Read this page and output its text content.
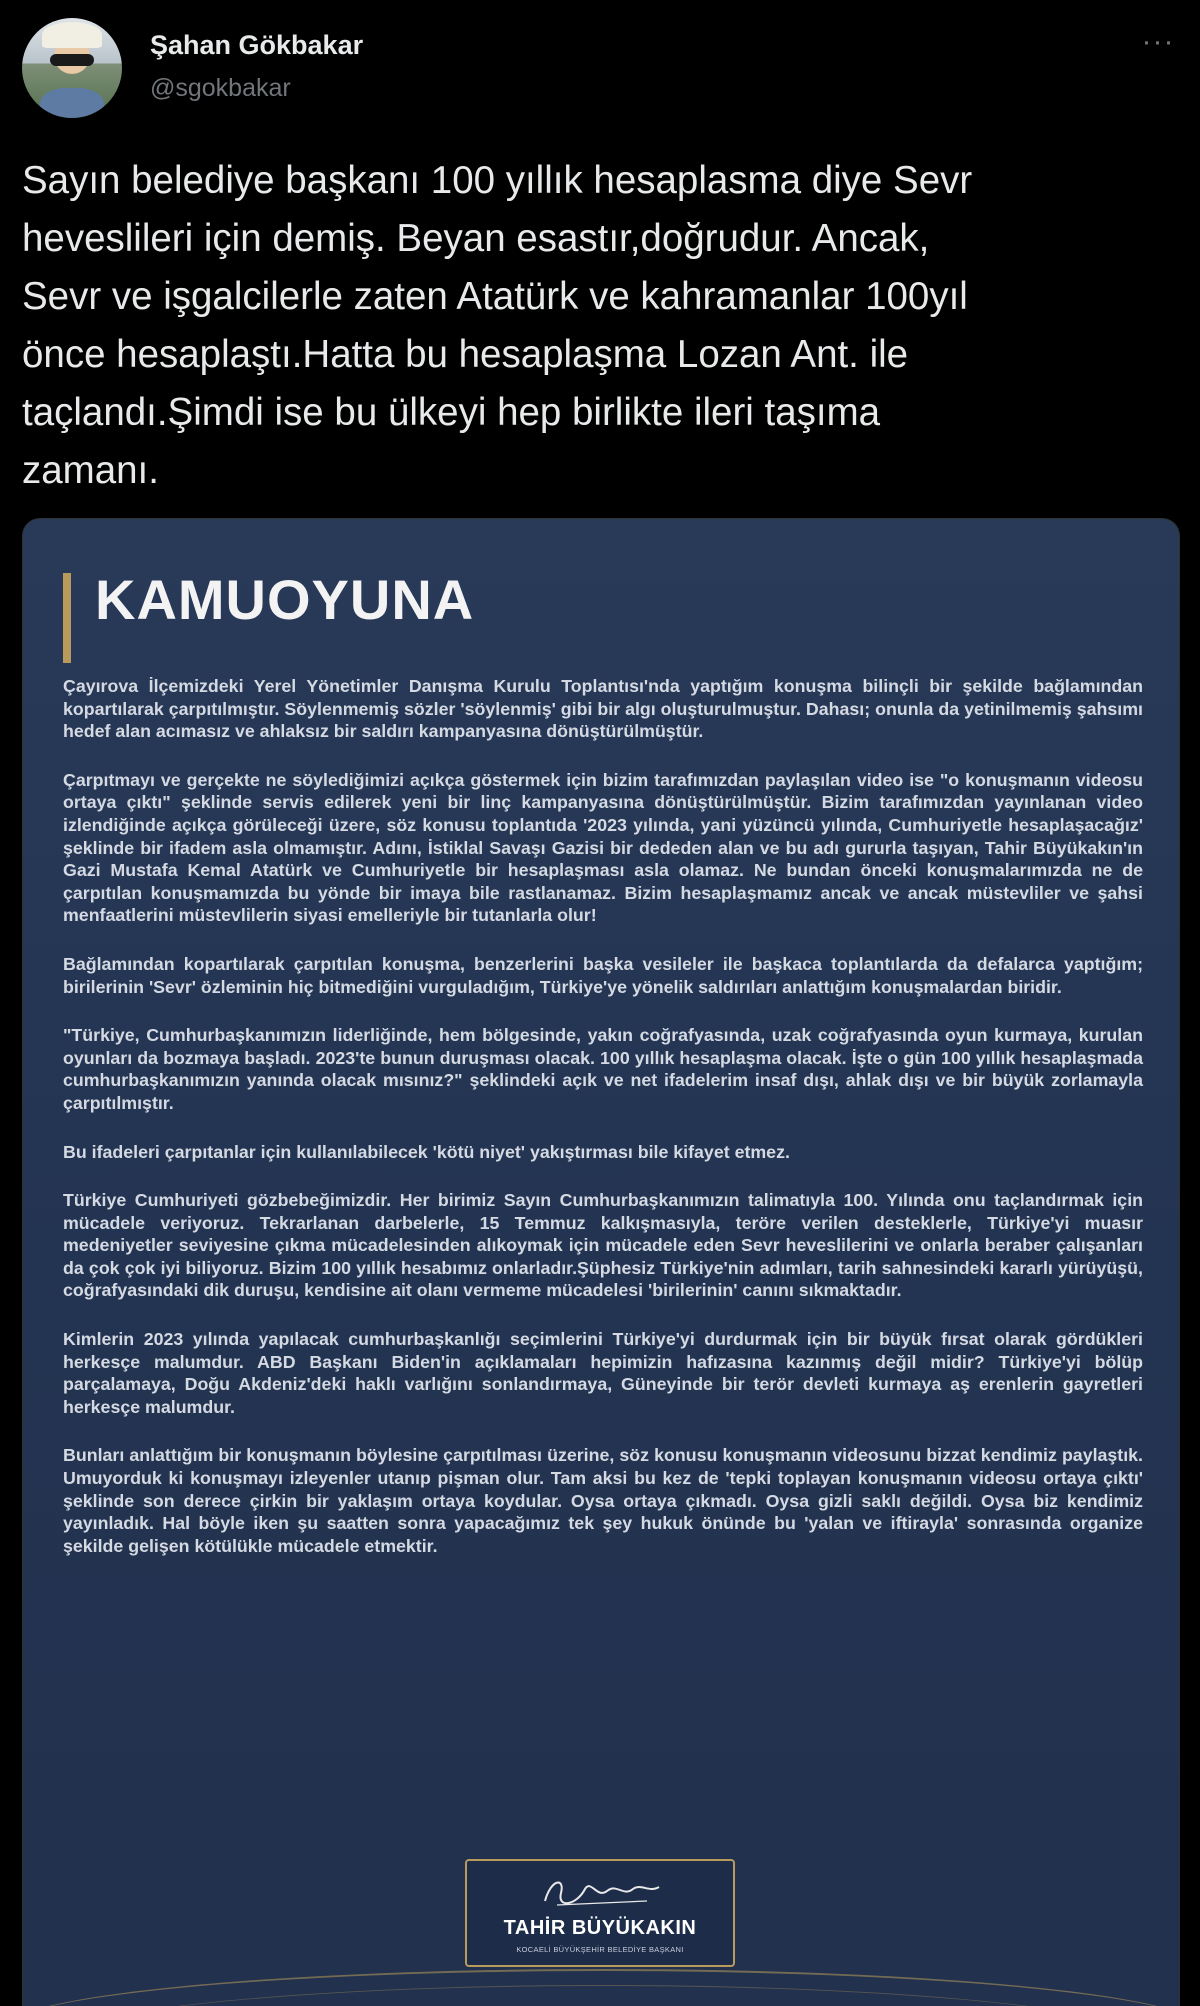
Şahan Gökbakar
@sgokbakar
···
Sayın belediye başkanı 100 yıllık hesaplasma diye Sevr
heveslileri için demiş. Beyan esastır,doğrudur. Ancak,
Sevr ve işgalcilerle zaten Atatürk ve kahramanlar 100yıl
önce hesaplaştı.Hatta bu hesaplaşma Lozan Ant. ile
taçlandı.Şimdi ise bu ülkeyi hep birlikte ileri taşıma
zamanı.
KAMUOYUNA

Çayırova İlçemizdeki Yerel Yönetimler Danışma Kurulu Toplantısı'nda yaptığım konuşma bilinçli bir şekilde bağlamından kopartılarak çarpıtılmıştır. Söylenmemiş sözler 'söylenmiş' gibi bir algı oluşturulmuştur. Dahası; onunla da yetinilmemiş şahsımı hedef alan acımasız ve ahlaksız bir saldırı kampanyasına dönüştürülmüştür.

Çarpıtmayı ve gerçekte ne söylediğimizi açıkça göstermek için bizim tarafımızdan paylaşılan video ise "o konuşmanın videosu ortaya çıktı" şeklinde servis edilerek yeni bir linç kampanyasına dönüştürülmüştür. Bizim tarafımızdan yayınlanan video izlendiğinde açıkça görüleceği üzere, söz konusu toplantıda '2023 yılında, yani yüzüncü yılında, Cumhuriyetle hesaplaşacağız' şeklinde bir ifadem asla olmamıştır. Adını, İstiklal Savaşı Gazisi bir dededen alan ve bu adı gururla taşıyan, Tahir Büyükakın'ın Gazi Mustafa Kemal Atatürk ve Cumhuriyetle bir hesaplaşması asla olamaz. Ne bundan önceki konuşmalarımızda ne de çarpıtılan konuşmamızda bu yönde bir imaya bile rastlanamaz. Bizim hesaplaşmamız ancak ve ancak müstevliler ve şahsi menfaatlerini müstevlilerin siyasi emelleriyle bir tutanlarla olur!

Bağlamından kopartılarak çarpıtılan konuşma, benzerlerini başka vesileler ile başkaca toplantılarda da defalarca yaptığım; birilerinin 'Sevr' özleminin hiç bitmediğini vurguladığım, Türkiye'ye yönelik saldırıları anlattığım konuşmalardan biridir.

"Türkiye, Cumhurbaşkanımızın liderliğinde, hem bölgesinde, yakın coğrafyasında, uzak coğrafyasında oyun kurmaya, kurulan oyunları da bozmaya başladı. 2023'te bunun duruşması olacak. 100 yıllık hesaplaşma olacak. İşte o gün 100 yıllık hesaplaşmada cumhurbaşkanımızın yanında olacak mısınız?" şeklindeki açık ve net ifadelerim insaf dışı, ahlak dışı ve bir büyük zorlamayla çarpıtılmıştır.

Bu ifadeleri çarpıtanlar için kullanılabilecek 'kötü niyet' yakıştırması bile kifayet etmez.

Türkiye Cumhuriyeti gözbebeğimizdir. Her birimiz Sayın Cumhurbaşkanımızın talimatıyla 100. Yılında onu taçlandırmak için mücadele veriyoruz. Tekrarlanan darbelerle, 15 Temmuz kalkışmasıyla, teröre verilen desteklerle, Türkiye'yi muasır medeniyetler seviyesine çıkma mücadelesinden alıkoymak için mücadele eden Sevr heveslilerini ve onlarla beraber çalışanları da çok çok iyi biliyoruz. Bizim 100 yıllık hesabımız onlarladır.Şüphesiz Türkiye'nin adımları, tarih sahnesindeki kararlı yürüyüşü, coğrafyasındaki dik duruşu, kendisine ait olanı vermeme mücadelesi 'birilerinin' canını sıkmaktadır.

Kimlerin 2023 yılında yapılacak cumhurbaşkanlığı seçimlerini Türkiye'yi durdurmak için bir büyük fırsat olarak gördükleri herkesçe malumdur. ABD Başkanı Biden'in açıklamaları hepimizin hafızasına kazınmış değil midir? Türkiye'yi bölüp parçalamaya, Doğu Akdeniz'deki haklı varlığını sonlandırmaya, Güneyinde bir terör devleti kurmaya aş erenlerin gayretleri herkesçe malumdur.

Bunları anlattığım bir konuşmanın böylesine çarpıtılması üzerine, söz konusu konuşmanın videosunu bizzat kendimiz paylaştık. Umuyorduk ki konuşmayı izleyenler utanıp pişman olur. Tam aksi bu kez de 'tepki toplayan konuşmanın videosu ortaya çıktı' şeklinde son derece çirkin bir yaklaşım ortaya koydular. Oysa ortaya çıkmadı. Oysa gizli saklı değildi. Oysa biz kendimiz yayınladık. Hal böyle iken şu saatten sonra yapacağımız tek şey hukuk önünde bu 'yalan ve iftirayla' sonrasında organize şekilde gelişen kötülükle mücadele etmektir.

TAHİR BÜYÜKAKIN
KOCAELİ BÜYÜKŞEHİR BELEDİYE BAŞKANI
